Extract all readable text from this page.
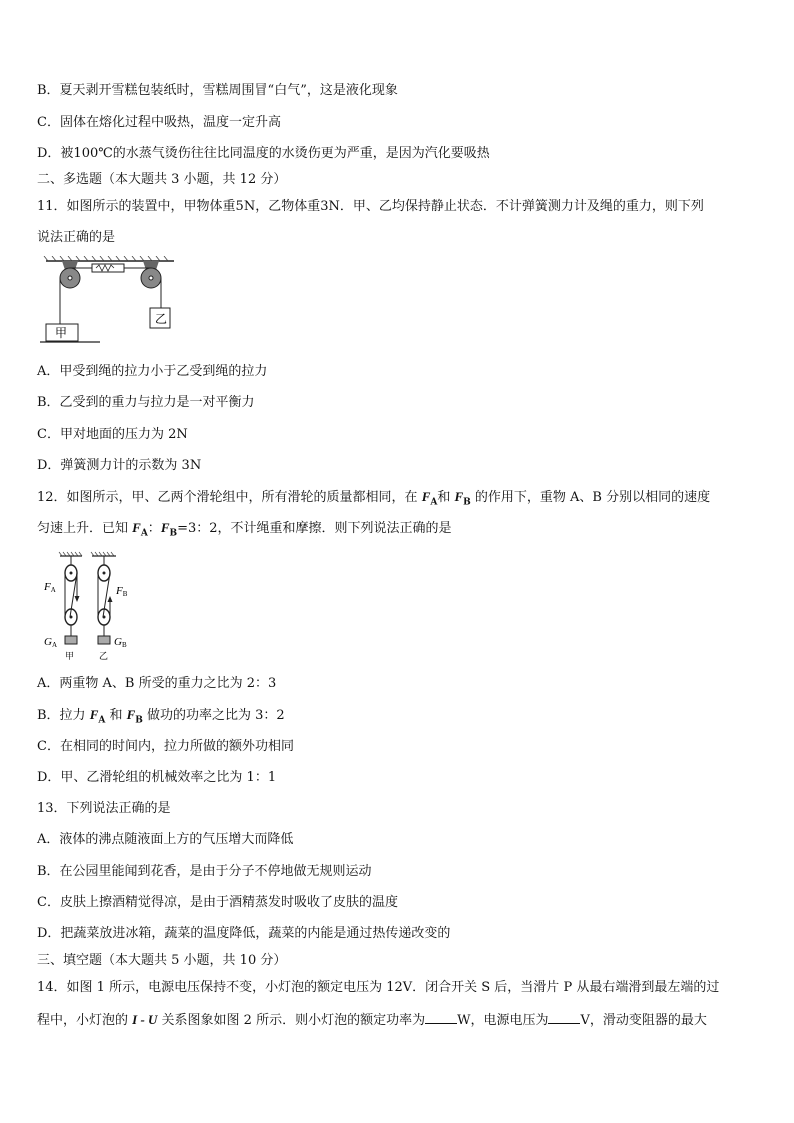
B．夏天剥开雪糕包装纸时，雪糕周围冒“白气”，这是液化现象
C．固体在熔化过程中吸热，温度一定升高
D．被100℃的水蒸气烫伤往往比同温度的水烫伤更为严重，是因为汽化要吸热
二、多选题（本大题共 3 小题，共 12 分）
11．如图所示的装置中，甲物体重5N，乙物体重3N．甲、乙均保持静止状态．不计弹簧测力计及绳的重力，则下列
说法正确的是
乙
甲
A．甲受到绳的拉力小于乙受到绳的拉力
B．乙受到的重力与拉力是一对平衡力
C．甲对地面的压力为 2N
D．弹簧测力计的示数为 3N
12．如图所示，甲、乙两个滑轮组中，所有滑轮的质量都相同，在 $F_A$和 $F_B$ 的作用下，重物 A、B 分别以相同的速度
匀速上升．已知 $F_A$：$F_B=3$：2，不计绳重和摩擦．则下列说法正确的是
FA	FB
GA	GB
甲	乙
A．两重物 A、B 所受的重力之比为 2：3
B．拉力 $F_A$ 和 $F_B$ 做功的功率之比为 3：2
C．在相同的时间内，拉力所做的额外功相同
D．甲、乙滑轮组的机械效率之比为 1：1
13．下列说法正确的是
A．液体的沸点随液面上方的气压增大而降低
B．在公园里能闻到花香，是由于分子不停地做无规则运动
C．皮肤上擦酒精觉得凉，是由于酒精蒸发时吸收了皮肤的温度
D．把蔬菜放进冰箱，蔬菜的温度降低，蔬菜的内能是通过热传递改变的
三、填空题（本大题共 5 小题，共 10 分）
14．如图 1 所示，电源电压保持不变，小灯泡的额定电压为 12V．闭合开关 S 后，当滑片 P 从最右端滑到最左端的过
程中，小灯泡的 I - U 关系图象如图 2 所示．则小灯泡的额定功率为 W，电源电压为 V，滑动变阻器的最大
